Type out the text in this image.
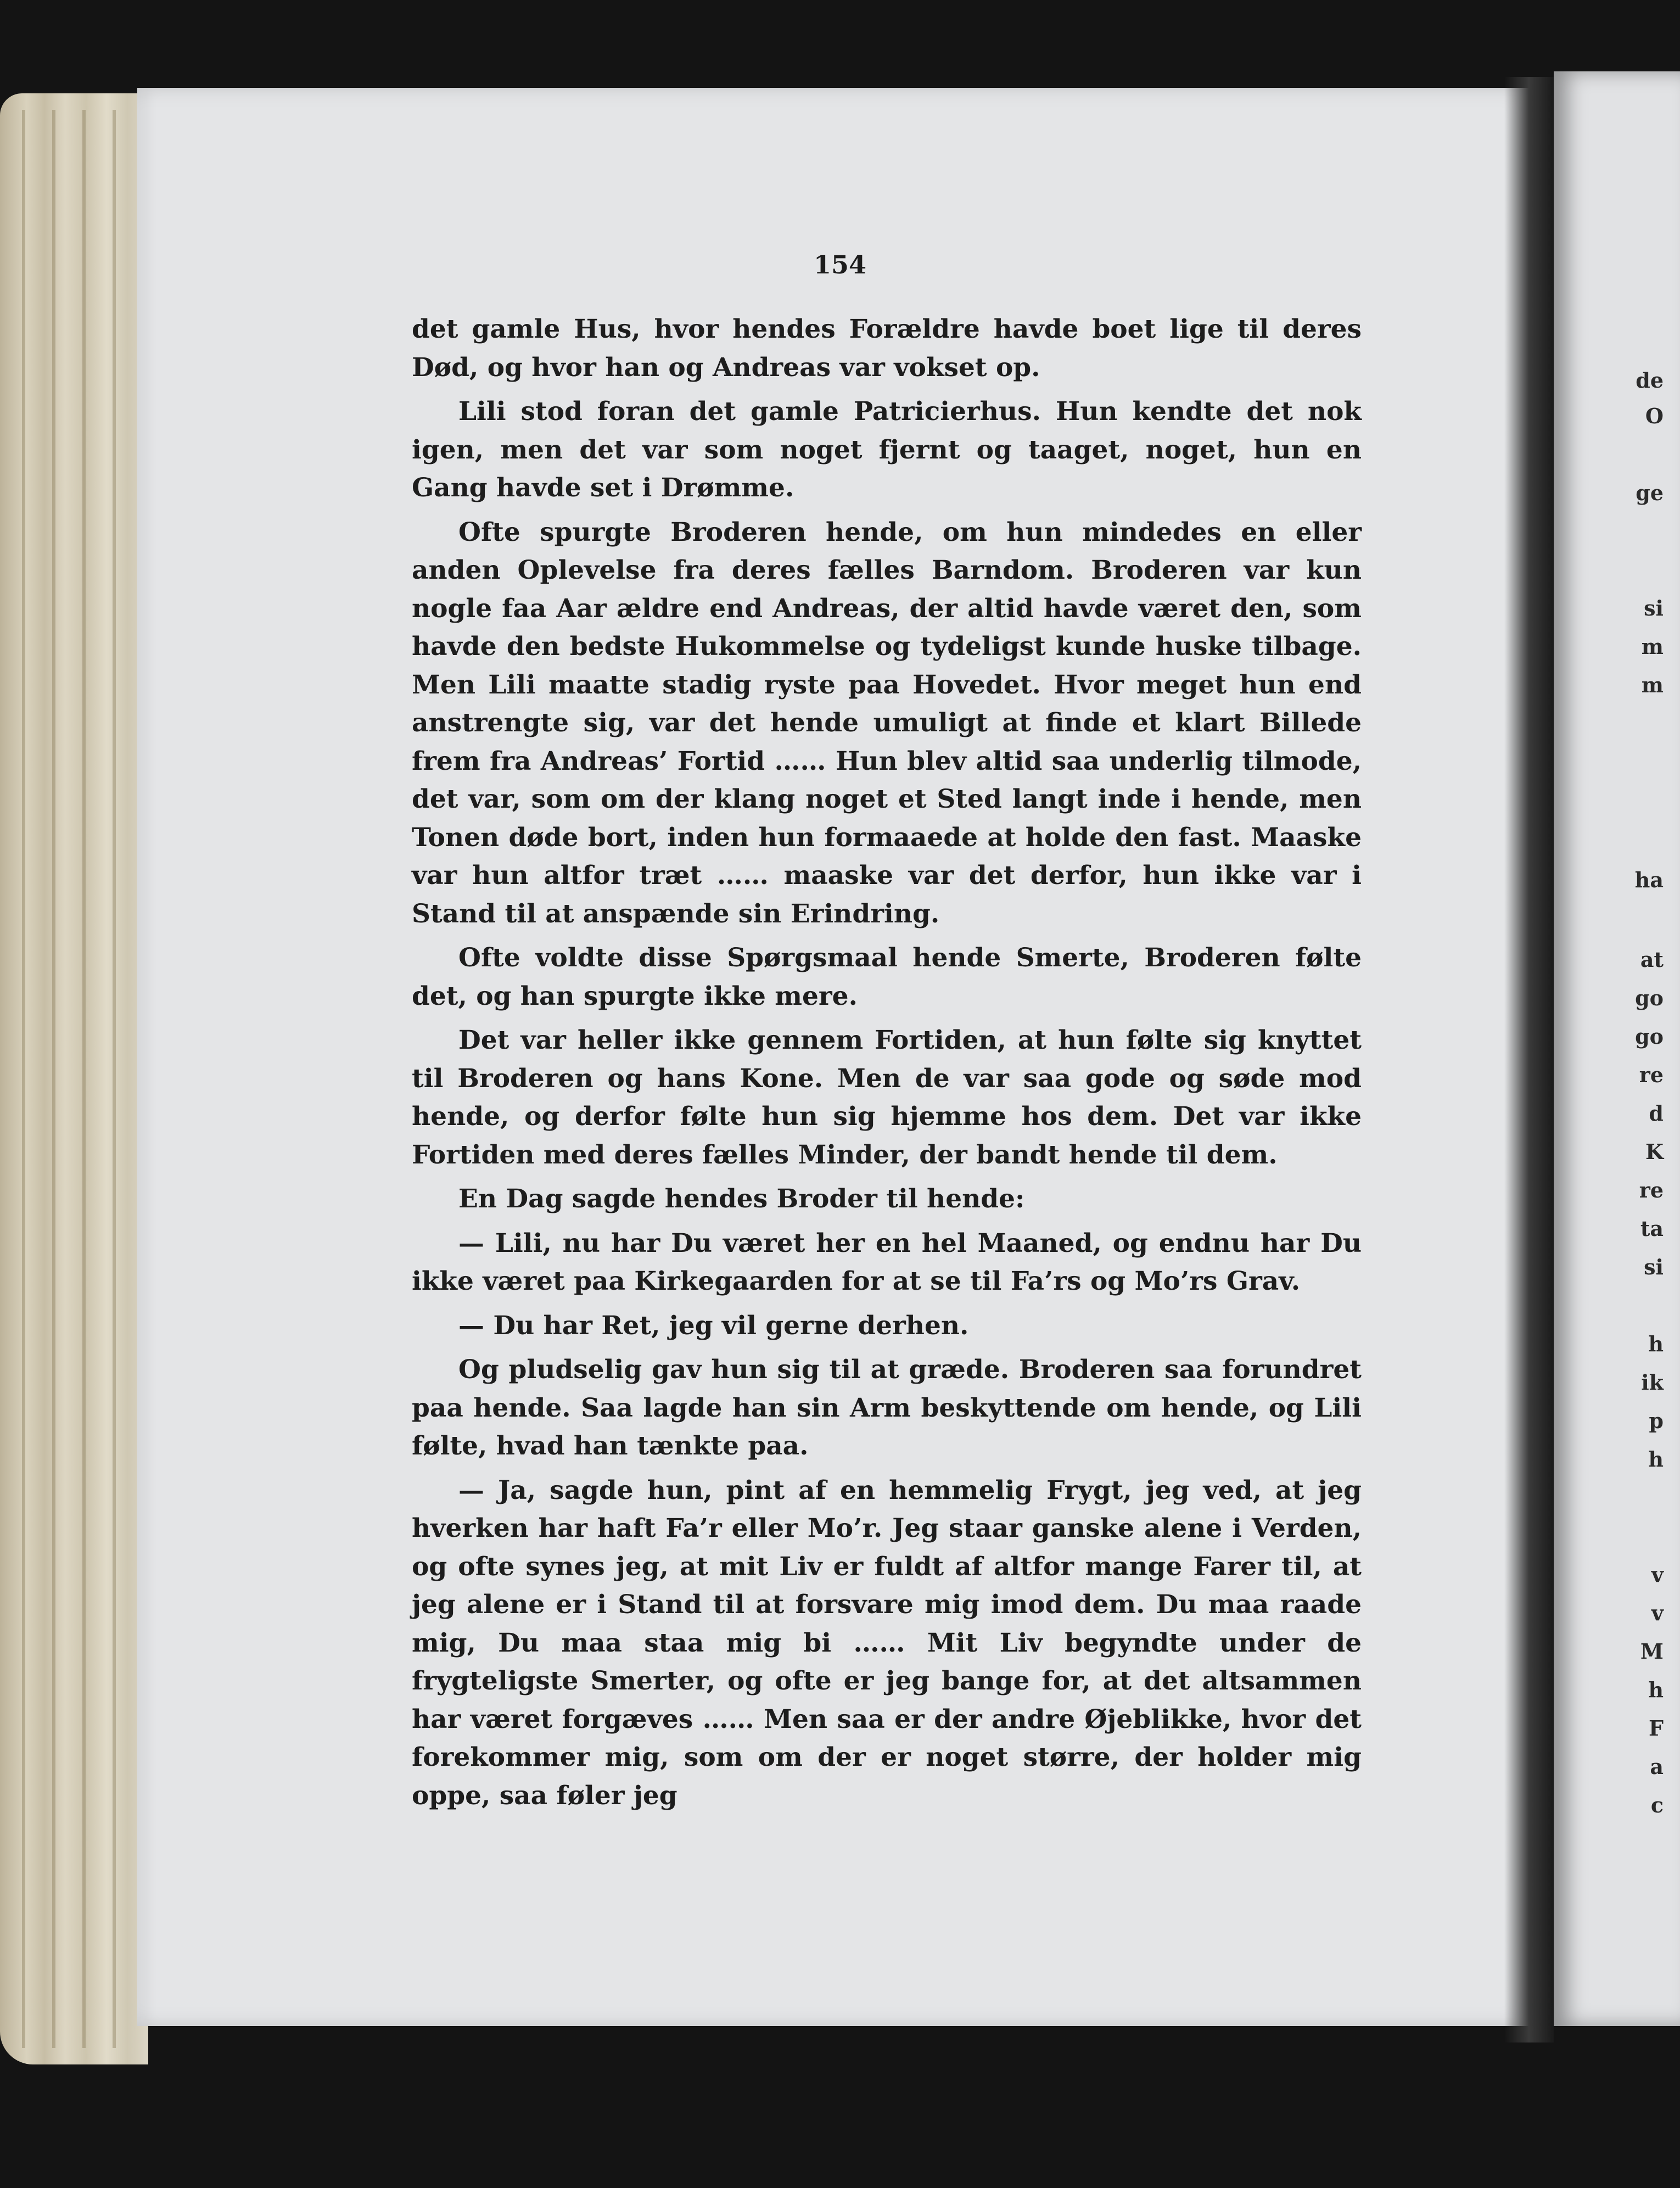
de
O
ge
si
m
m
ha
at
go
go
re
d
K
re
ta
si
h
ik
p
h
v
v
M
h
F
a
c
154

det gamle Hus, hvor hendes Forældre havde boet lige til deres Død, og hvor han og Andreas var vokset op.

Lili stod foran det gamle Patricierhus. Hun kendte det nok igen, men det var som noget fjernt og taaget, noget, hun en Gang havde set i Drømme.

Ofte spurgte Broderen hende, om hun mindedes en eller anden Oplevelse fra deres fælles Barndom. Broderen var kun nogle faa Aar ældre end Andreas, der altid havde været den, som havde den bedste Hukommelse og tydeligst kunde huske tilbage. Men Lili maatte stadig ryste paa Hovedet. Hvor meget hun end anstrengte sig, var det hende umuligt at finde et klart Billede frem fra Andreas’ Fortid …… Hun blev altid saa underlig tilmode, det var, som om der klang noget et Sted langt inde i hende, men Tonen døde bort, inden hun formaaede at holde den fast. Maaske var hun altfor træt …… maaske var det derfor, hun ikke var i Stand til at anspænde sin Erindring.

Ofte voldte disse Spørgsmaal hende Smerte, Broderen følte det, og han spurgte ikke mere.

Det var heller ikke gennem Fortiden, at hun følte sig knyttet til Broderen og hans Kone. Men de var saa gode og søde mod hende, og derfor følte hun sig hjemme hos dem. Det var ikke Fortiden med deres fælles Minder, der bandt hende til dem.

En Dag sagde hendes Broder til hende:

— Lili, nu har Du været her en hel Maaned, og endnu har Du ikke været paa Kirkegaarden for at se til Fa’rs og Mo’rs Grav.

— Du har Ret, jeg vil gerne derhen.

Og pludselig gav hun sig til at græde. Broderen saa forundret paa hende. Saa lagde han sin Arm beskyttende om hende, og Lili følte, hvad han tænkte paa.

— Ja, sagde hun, pint af en hemmelig Frygt, jeg ved, at jeg hverken har haft Fa’r eller Mo’r. Jeg staar ganske alene i Verden, og ofte synes jeg, at mit Liv er fuldt af altfor mange Farer til, at jeg alene er i Stand til at forsvare mig imod dem. Du maa raade mig, Du maa staa mig bi …… Mit Liv begyndte under de frygteligste Smerter, og ofte er jeg bange for, at det altsammen har været forgæves …… Men saa er der andre Øjeblikke, hvor det forekommer mig, som om der er noget større, der holder mig oppe, saa føler jeg
